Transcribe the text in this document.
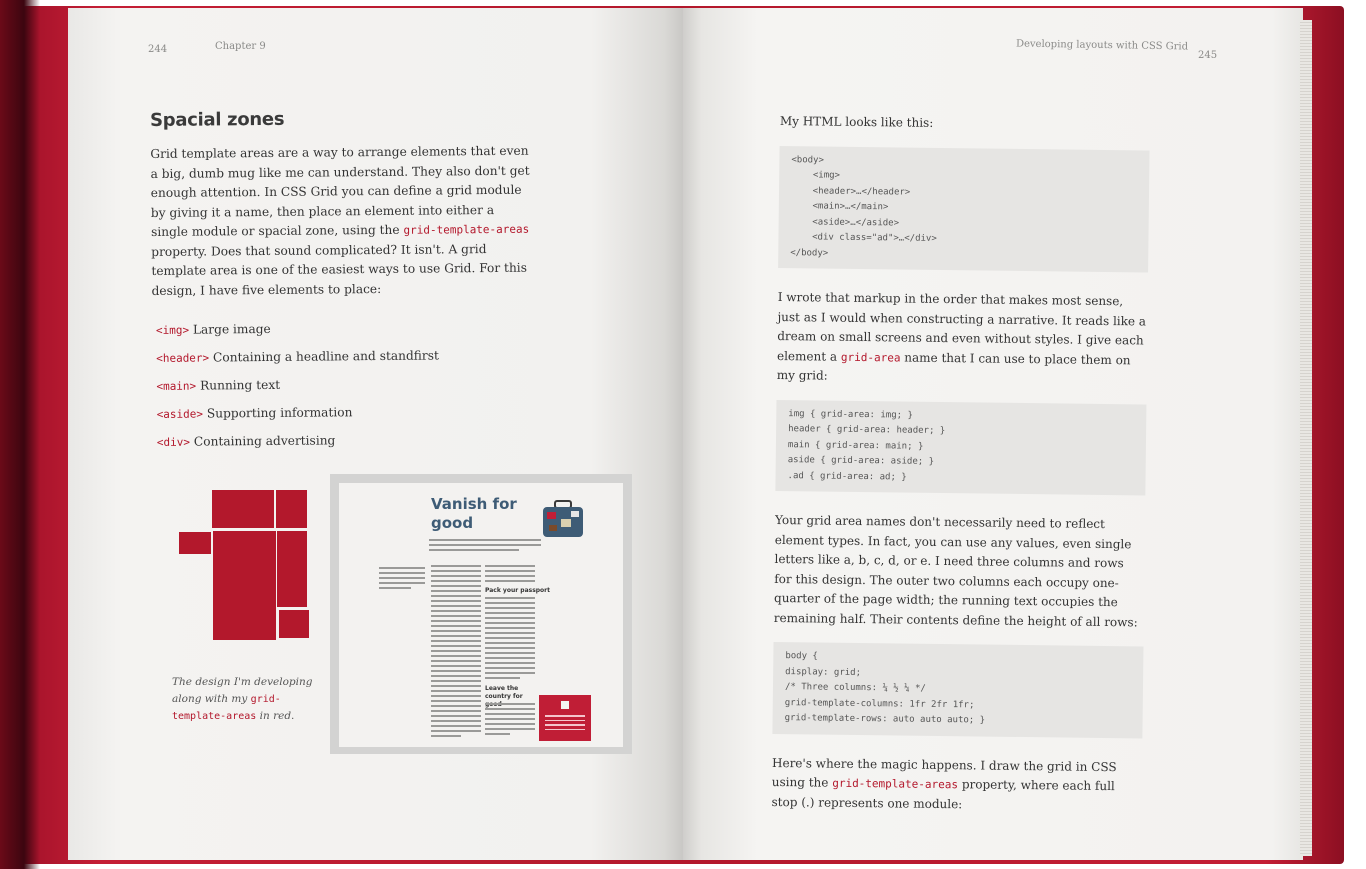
244	Chapter 9
Spacial zones

Grid template areas are a way to arrange elements that even a big, dumb mug like me can understand. They also don't get enough attention. In CSS Grid you can define a grid module by giving it a name, then place an element into either a single module or spacial zone, using the grid-template-areas property. Does that sound complicated? It isn't. A grid template area is one of the easiest ways to use Grid. For this design, I have five elements to place:

<img> Large image
<header> Containing a headline and standfirst
<main> Running text
<aside> Supporting information
<div> Containing advertising
The design I'm developing along with my grid-template-areas in red.
Vanish for good
Pack your passport
Leave the country for
Developing layouts with CSS Grid
245

My HTML looks like this:

<body>
<img>
<header>…</header>
<main>…</main>
<aside>…</aside>
<div class="ad">…</div>
</body>

I wrote that markup in the order that makes most sense, just as I would when constructing a narrative. It reads like a dream on small screens and even without styles. I give each element a grid-area name that I can use to place them on my grid:

img { grid-area: img; }
header { grid-area: header; }
main { grid-area: main; }
aside { grid-area: aside; }
.ad { grid-area: ad; }

Your grid area names don't necessarily need to reflect element types. In fact, you can use any values, even single letters like a, b, c, d, or e. I need three columns and rows for this design. The outer two columns each occupy one-quarter of the page width; the running text occupies the remaining half. Their contents define the height of all rows:

body {
display: grid;
/* Three columns: ¼ ½ ¼ */
grid-template-columns: 1fr 2fr 1fr;
grid-template-rows: auto auto auto; }

Here's where the magic happens. I draw the grid in CSS using the grid-template-areas property, where each full stop (.) represents one module:
